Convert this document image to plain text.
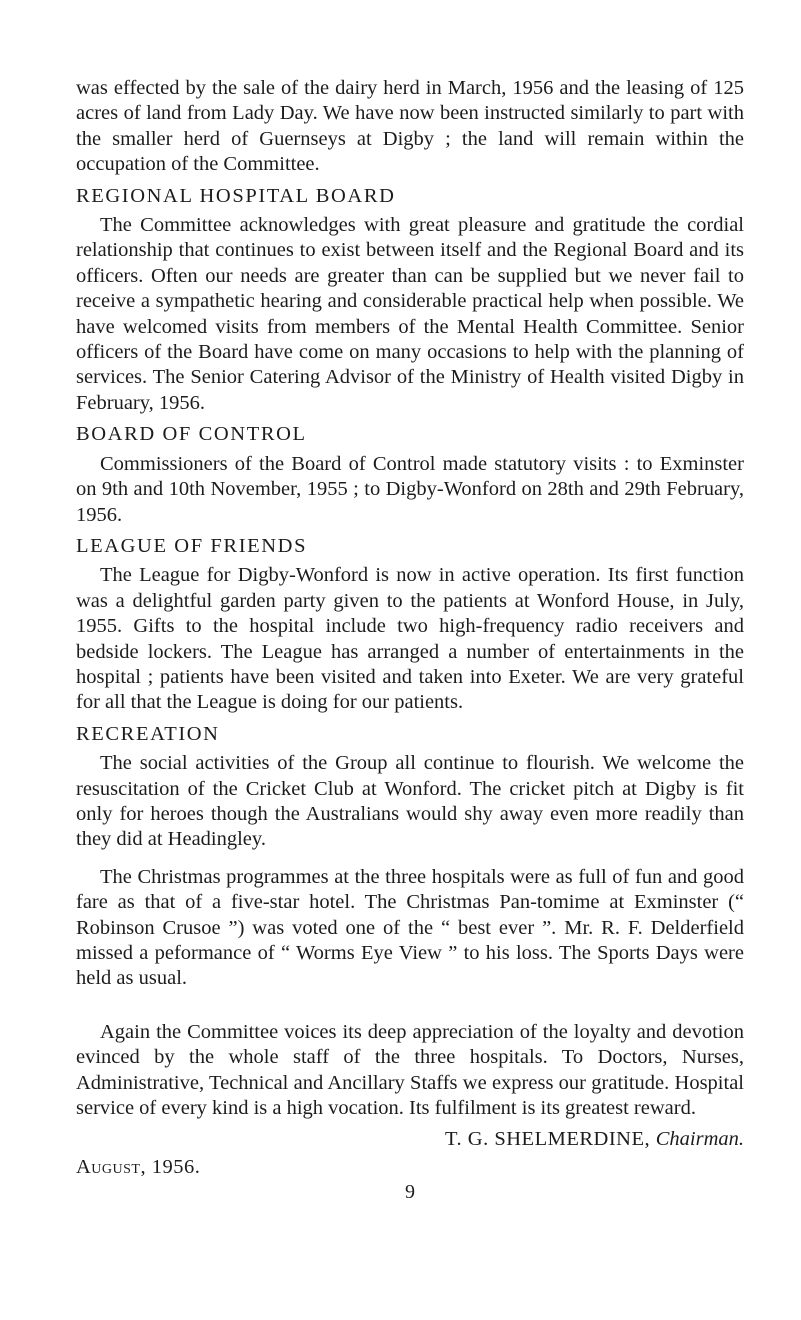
was effected by the sale of the dairy herd in March, 1956 and the leasing of 125 acres of land from Lady Day. We have now been instructed similarly to part with the smaller herd of Guernseys at Digby ; the land will remain within the occupation of the Committee.

REGIONAL HOSPITAL BOARD

The Committee acknowledges with great pleasure and gratitude the cordial relationship that continues to exist between itself and the Regional Board and its officers. Often our needs are greater than can be supplied but we never fail to receive a sympathetic hearing and considerable practical help when possible. We have welcomed visits from members of the Mental Health Committee. Senior officers of the Board have come on many occasions to help with the planning of services. The Senior Catering Advisor of the Ministry of Health visited Digby in February, 1956.

BOARD OF CONTROL

Commissioners of the Board of Control made statutory visits : to Exminster on 9th and 10th November, 1955 ; to Digby-Wonford on 28th and 29th February, 1956.

LEAGUE OF FRIENDS

The League for Digby-Wonford is now in active operation. Its first function was a delightful garden party given to the patients at Wonford House, in July, 1955. Gifts to the hospital include two high-frequency radio receivers and bedside lockers. The League has arranged a number of entertainments in the hospital ; patients have been visited and taken into Exeter. We are very grateful for all that the League is doing for our patients.

RECREATION

The social activities of the Group all continue to flourish. We welcome the resuscitation of the Cricket Club at Wonford. The cricket pitch at Digby is fit only for heroes though the Australians would shy away even more readily than they did at Headingley.

The Christmas programmes at the three hospitals were as full of fun and good fare as that of a five-star hotel. The Christmas Pan-tomime at Exminster (“ Robinson Crusoe ”) was voted one of the “ best ever ”. Mr. R. F. Delderfield missed a peformance of “ Worms Eye View ” to his loss. The Sports Days were held as usual.

Again the Committee voices its deep appreciation of the loyalty and devotion evinced by the whole staff of the three hospitals. To Doctors, Nurses, Administrative, Technical and Ancillary Staffs we express our gratitude. Hospital service of every kind is a high vocation. Its fulfilment is its greatest reward.

T. G. SHELMERDINE, Chairman.
August, 1956.
9
